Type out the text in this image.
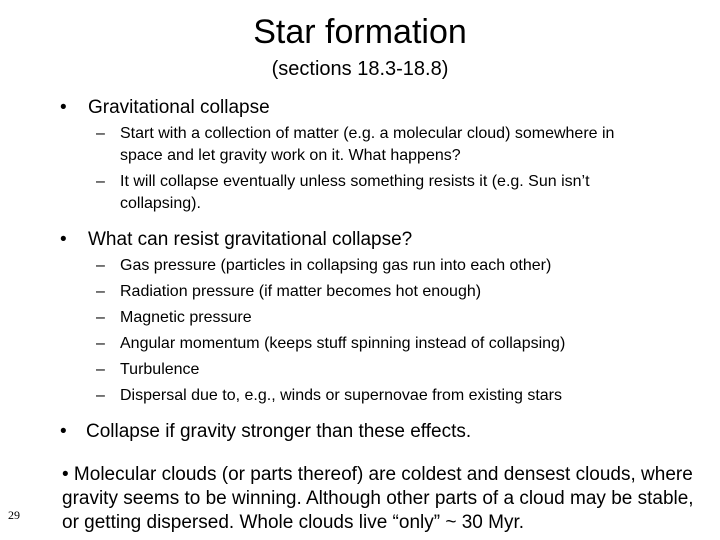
Star formation
(sections 18.3-18.8)
• Gravitational collapse
– Start with a collection of matter (e.g. a molecular cloud) somewhere in space and let gravity work on it. What happens?
– It will collapse eventually unless something resists it (e.g. Sun isn’t collapsing).
• What can resist gravitational collapse?
– Gas pressure (particles in collapsing gas run into each other)
– Radiation pressure (if matter becomes hot enough)
– Magnetic pressure
– Angular momentum (keeps stuff spinning instead of collapsing)
– Turbulence
– Dispersal due to, e.g., winds or supernovae from existing stars
• Collapse if gravity stronger than these effects.
• Molecular clouds (or parts thereof) are coldest and densest clouds, where gravity seems to be winning. Although other parts of a cloud may be stable, or getting dispersed. Whole clouds live “only” ~ 30 Myr.
29
